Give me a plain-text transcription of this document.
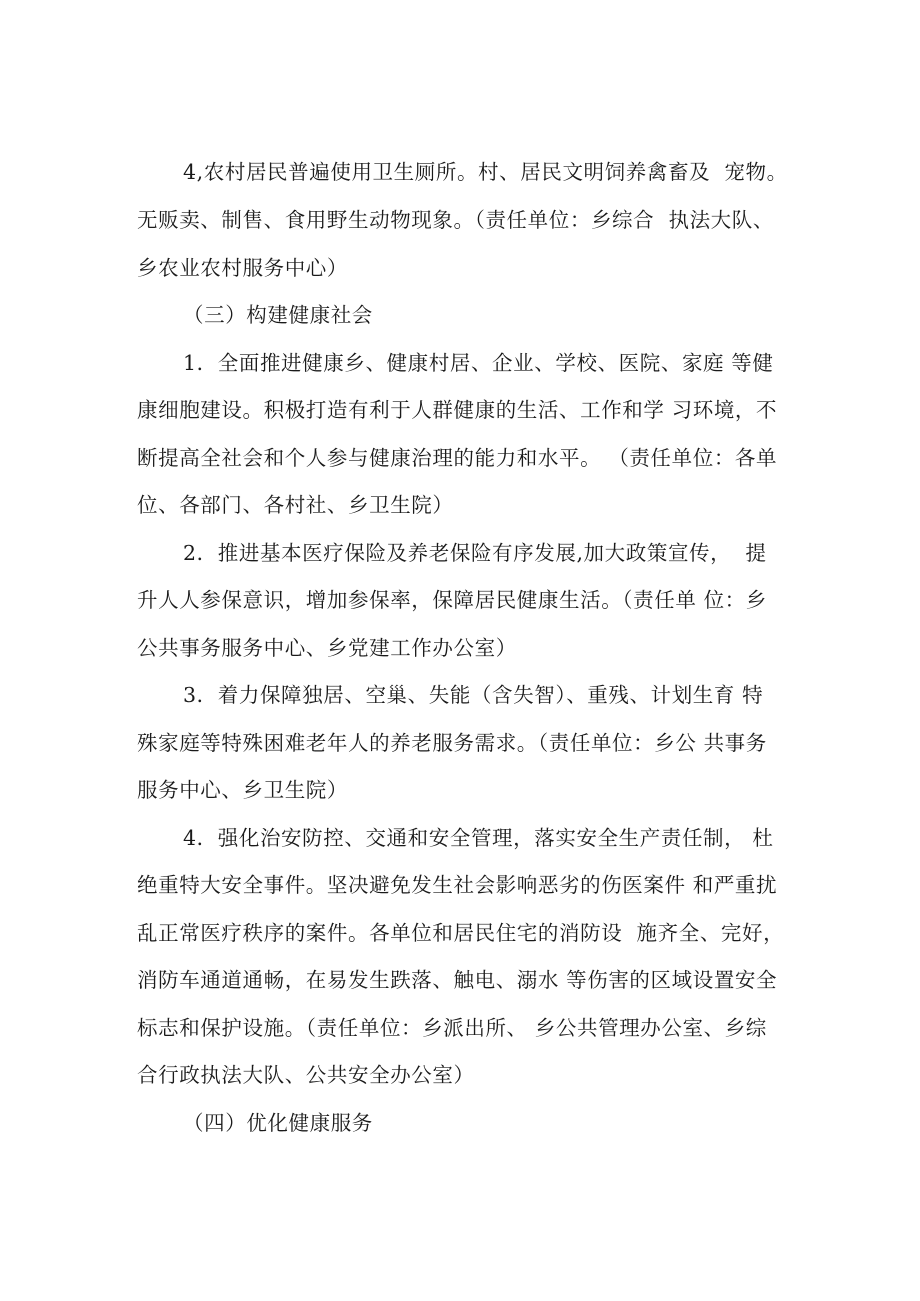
4,农村居民普遍使用卫生厕所。村、居民文明饲养禽畜及  宠物。
无贩卖、制售、食用野生动物现象。（责任单位：乡综合  执法大队、
乡农业农村服务中心）
（三）构建健康社会
1．全面推进健康乡、健康村居、企业、学校、医院、家庭 等健
康细胞建设。积极打造有利于人群健康的生活、工作和学 习环境，不
断提高全社会和个人参与健康治理的能力和水平。 （责任单位：各单
位、各部门、各村社、乡卫生院）
2．推进基本医疗保险及养老保险有序发展,加大政策宣传，  提
升人人参保意识，增加参保率，保障居民健康生活。（责任单 位：乡
公共事务服务中心、乡党建工作办公室）
3．着力保障独居、空巢、失能（含失智）、重残、计划生育 特
殊家庭等特殊困难老年人的养老服务需求。（责任单位：乡公 共事务
服务中心、乡卫生院）
4．强化治安防控、交通和安全管理，落实安全生产责任制， 杜
绝重特大安全事件。坚决避免发生社会影响恶劣的伤医案件 和严重扰
乱正常医疗秩序的案件。各单位和居民住宅的消防设  施齐全、完好，
消防车通道通畅，在易发生跌落、触电、溺水 等伤害的区域设置安全
标志和保护设施。（责任单位：乡派出所、 乡公共管理办公室、乡综
合行政执法大队、公共安全办公室）
（四）优化健康服务
